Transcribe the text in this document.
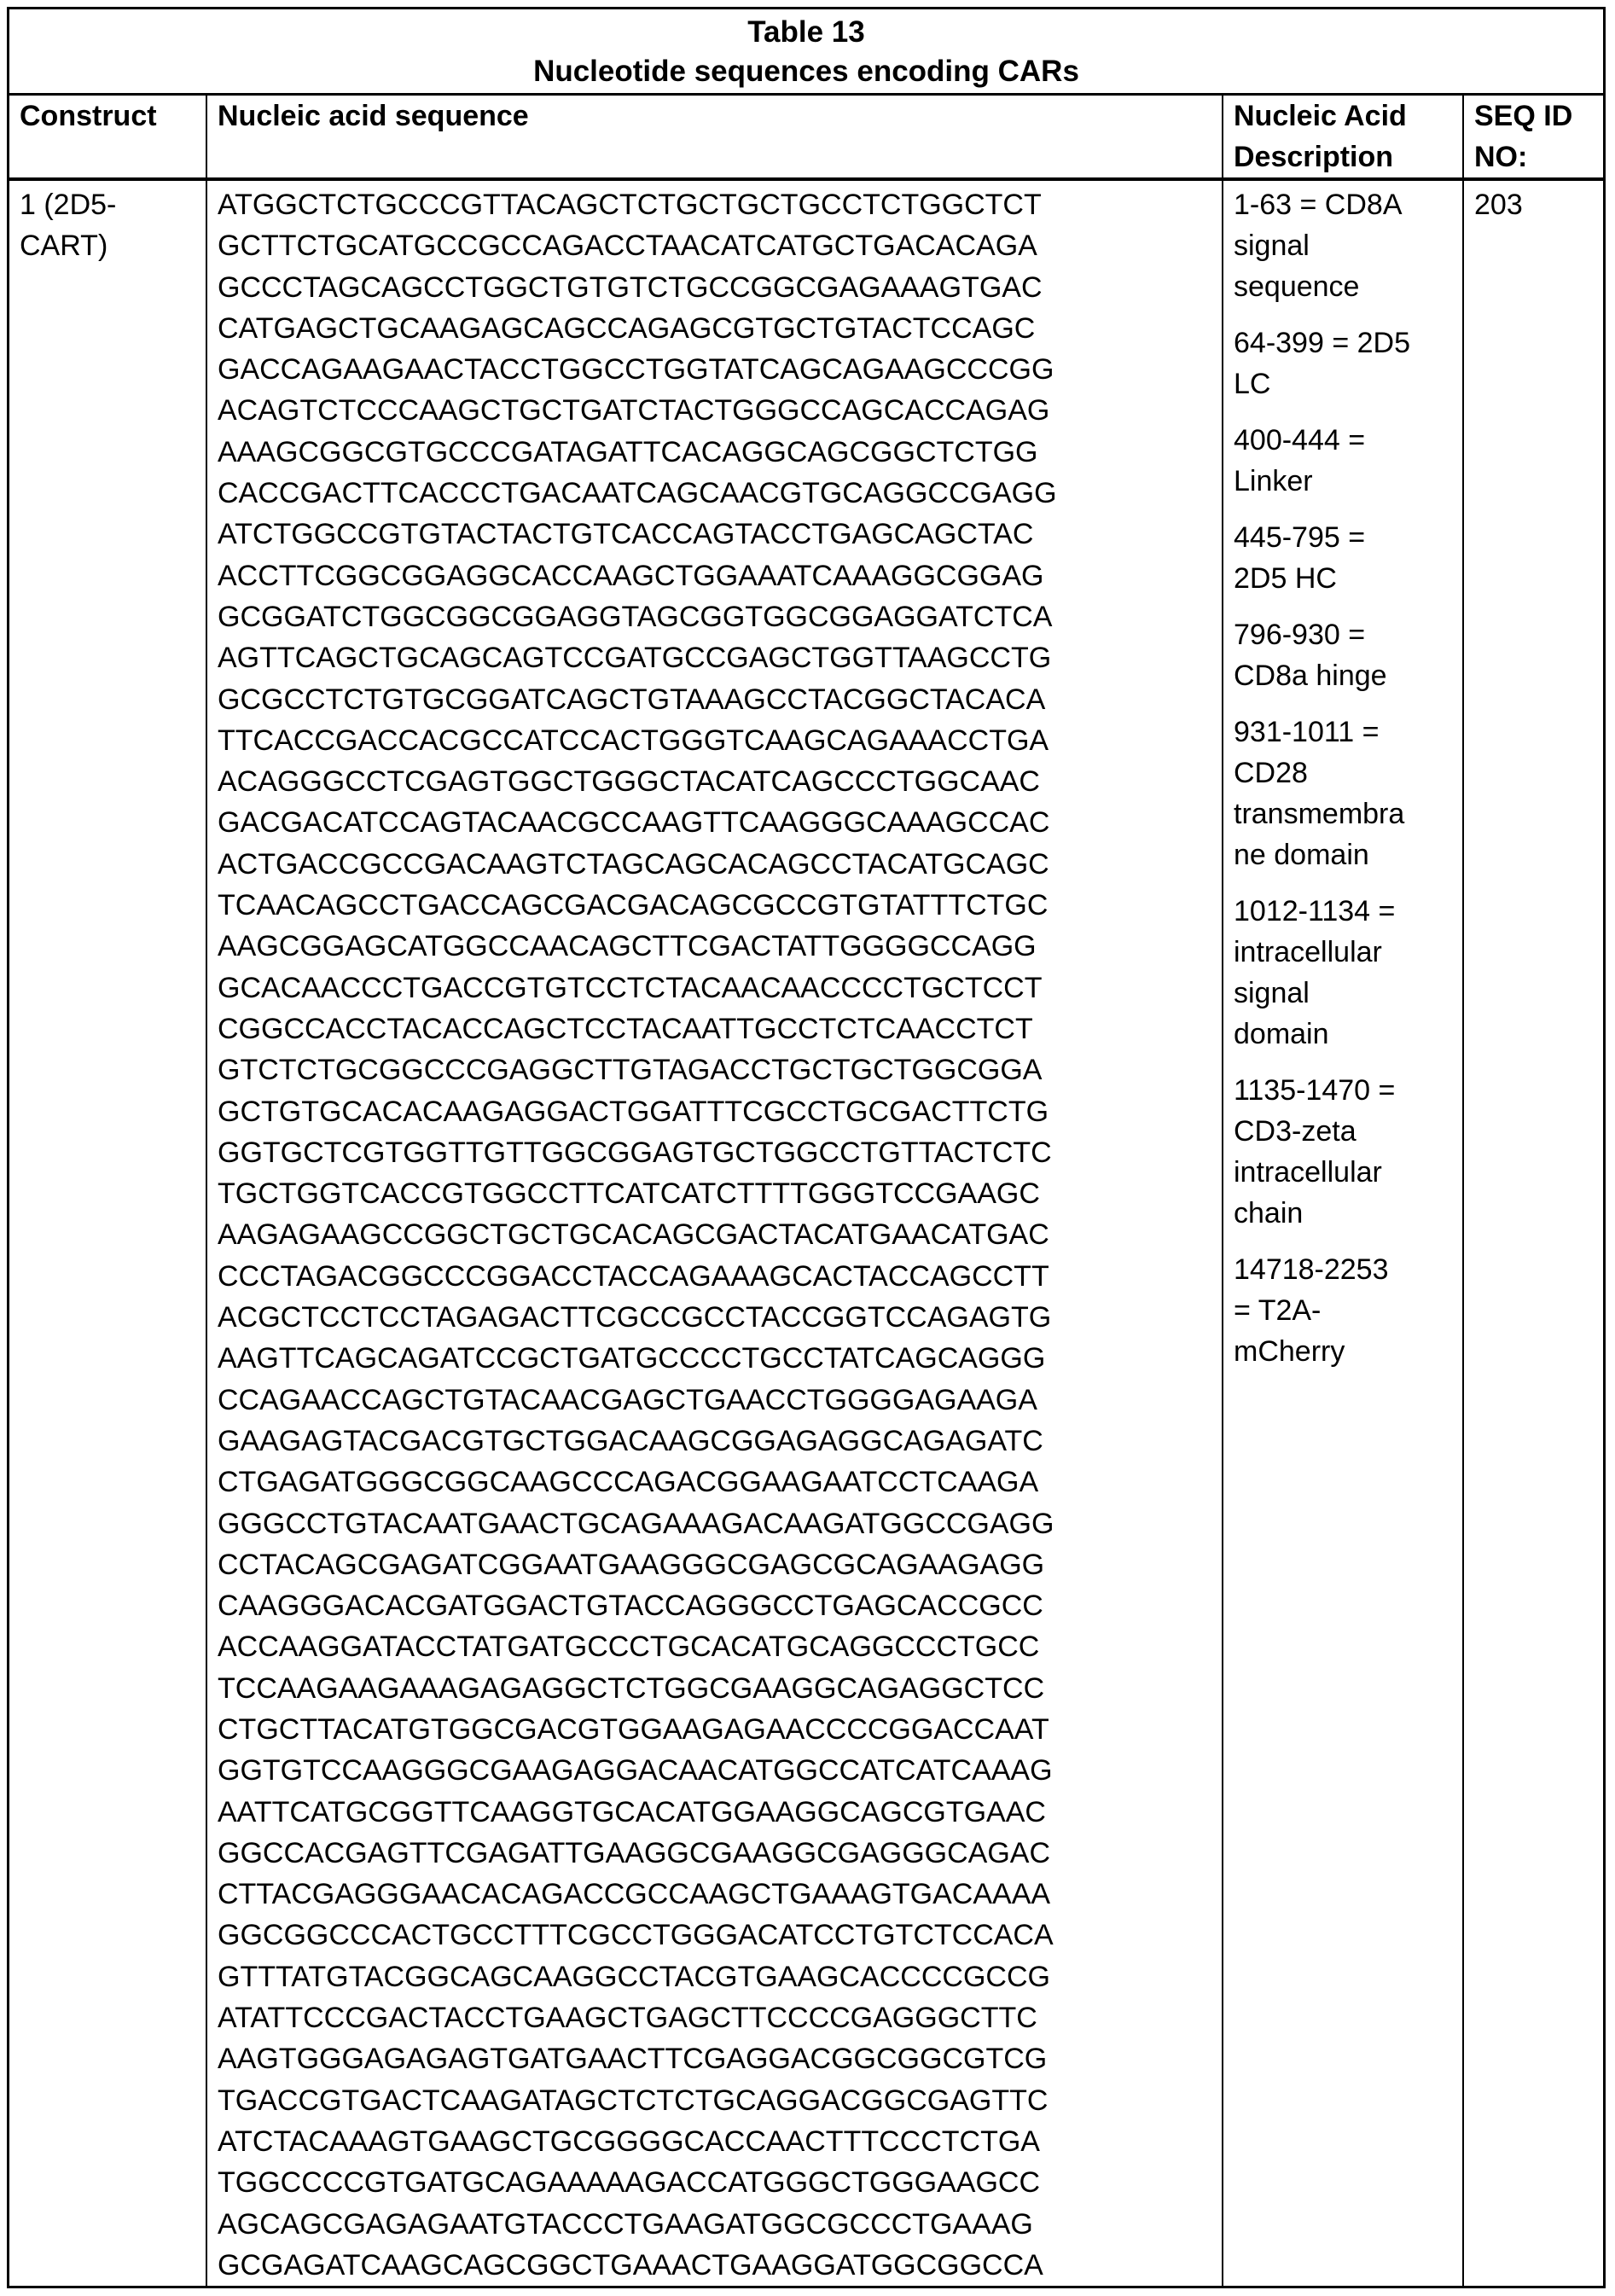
Table 13
Nucleotide sequences encoding CARs
Construct	Nucleic acid sequence	Nucleic Acid
Description
SEQ ID
NO:
1 (2D5-
CART)
ATGGCTCTGCCCGTTACAGCTCTGCTGCTGCCTCTGGCTCT
GCTTCTGCATGCCGCCAGACCTAACATCATGCTGACACAGA
GCCCTAGCAGCCTGGCTGTGTCTGCCGGCGAGAAAGTGAC
CATGAGCTGCAAGAGCAGCCAGAGCGTGCTGTACTCCAGC
GACCAGAAGAACTACCTGGCCTGGTATCAGCAGAAGCCCGG
ACAGTCTCCCAAGCTGCTGATCTACTGGGCCAGCACCAGAG
AAAGCGGCGTGCCCGATAGATTCACAGGCAGCGGCTCTGG
CACCGACTTCACCCTGACAATCAGCAACGTGCAGGCCGAGG
ATCTGGCCGTGTACTACTGTCACCAGTACCTGAGCAGCTAC
ACCTTCGGCGGAGGCACCAAGCTGGAAATCAAAGGCGGAG
GCGGATCTGGCGGCGGAGGTAGCGGTGGCGGAGGATCTCA
AGTTCAGCTGCAGCAGTCCGATGCCGAGCTGGTTAAGCCTG
GCGCCTCTGTGCGGATCAGCTGTAAAGCCTACGGCTACACA
TTCACCGACCACGCCATCCACTGGGTCAAGCAGAAACCTGA
ACAGGGCCTCGAGTGGCTGGGCTACATCAGCCCTGGCAAC
GACGACATCCAGTACAACGCCAAGTTCAAGGGCAAAGCCAC
ACTGACCGCCGACAAGTCTAGCAGCACAGCCTACATGCAGC
TCAACAGCCTGACCAGCGACGACAGCGCCGTGTATTTCTGC
AAGCGGAGCATGGCCAACAGCTTCGACTATTGGGGCCAGG
GCACAACCCTGACCGTGTCCTCTACAACAACCCCTGCTCCT
CGGCCACCTACACCAGCTCCTACAATTGCCTCTCAACCTCT
GTCTCTGCGGCCCGAGGCTTGTAGACCTGCTGCTGGCGGA
GCTGTGCACACAAGAGGACTGGATTTCGCCTGCGACTTCTG
GGTGCTCGTGGTTGTTGGCGGAGTGCTGGCCTGTTACTCTC
TGCTGGTCACCGTGGCCTTCATCATCTTTTGGGTCCGAAGC
AAGAGAAGCCGGCTGCTGCACAGCGACTACATGAACATGAC
CCCTAGACGGCCCGGACCTACCAGAAAGCACTACCAGCCTT
ACGCTCCTCCTAGAGACTTCGCCGCCTACCGGTCCAGAGTG
AAGTTCAGCAGATCCGCTGATGCCCCTGCCTATCAGCAGGG
CCAGAACCAGCTGTACAACGAGCTGAACCTGGGGAGAAGA
GAAGAGTACGACGTGCTGGACAAGCGGAGAGGCAGAGATC
CTGAGATGGGCGGCAAGCCCAGACGGAAGAATCCTCAAGA
GGGCCTGTACAATGAACTGCAGAAAGACAAGATGGCCGAGG
CCTACAGCGAGATCGGAATGAAGGGCGAGCGCAGAAGAGG
CAAGGGACACGATGGACTGTACCAGGGCCTGAGCACCGCC
ACCAAGGATACCTATGATGCCCTGCACATGCAGGCCCTGCC
TCCAAGAAGAAAGAGAGGCTCTGGCGAAGGCAGAGGCTCC
CTGCTTACATGTGGCGACGTGGAAGAGAACCCCGGACCAAT
GGTGTCCAAGGGCGAAGAGGACAACATGGCCATCATCAAAG
AATTCATGCGGTTCAAGGTGCACATGGAAGGCAGCGTGAAC
GGCCACGAGTTCGAGATTGAAGGCGAAGGCGAGGGCAGAC
CTTACGAGGGAACACAGACCGCCAAGCTGAAAGTGACAAAA
GGCGGCCCACTGCCTTTCGCCTGGGACATCCTGTCTCCACA
GTTTATGTACGGCAGCAAGGCCTACGTGAAGCACCCCGCCG
ATATTCCCGACTACCTGAAGCTGAGCTTCCCCGAGGGCTTC
AAGTGGGAGAGAGTGATGAACTTCGAGGACGGCGGCGTCG
TGACCGTGACTCAAGATAGCTCTCTGCAGGACGGCGAGTTC
ATCTACAAAGTGAAGCTGCGGGGCACCAACTTTCCCTCTGA
TGGCCCCGTGATGCAGAAAAAGACCATGGGCTGGGAAGCC
AGCAGCGAGAGAATGTACCCTGAAGATGGCGCCCTGAAAG
GCGAGATCAAGCAGCGGCTGAAACTGAAGGATGGCGGCCA
1-63 = CD8A
signal
sequence
64-399 = 2D5
LC
400-444 =
Linker
445-795 =
2D5 HC
796-930 =
CD8a hinge
931-1011 =
CD28
transmembra
ne domain
1012-1134 =
intracellular
signal
domain
1135-1470 =
CD3-zeta
intracellular
chain
14718-2253
= T2A-
mCherry
203
